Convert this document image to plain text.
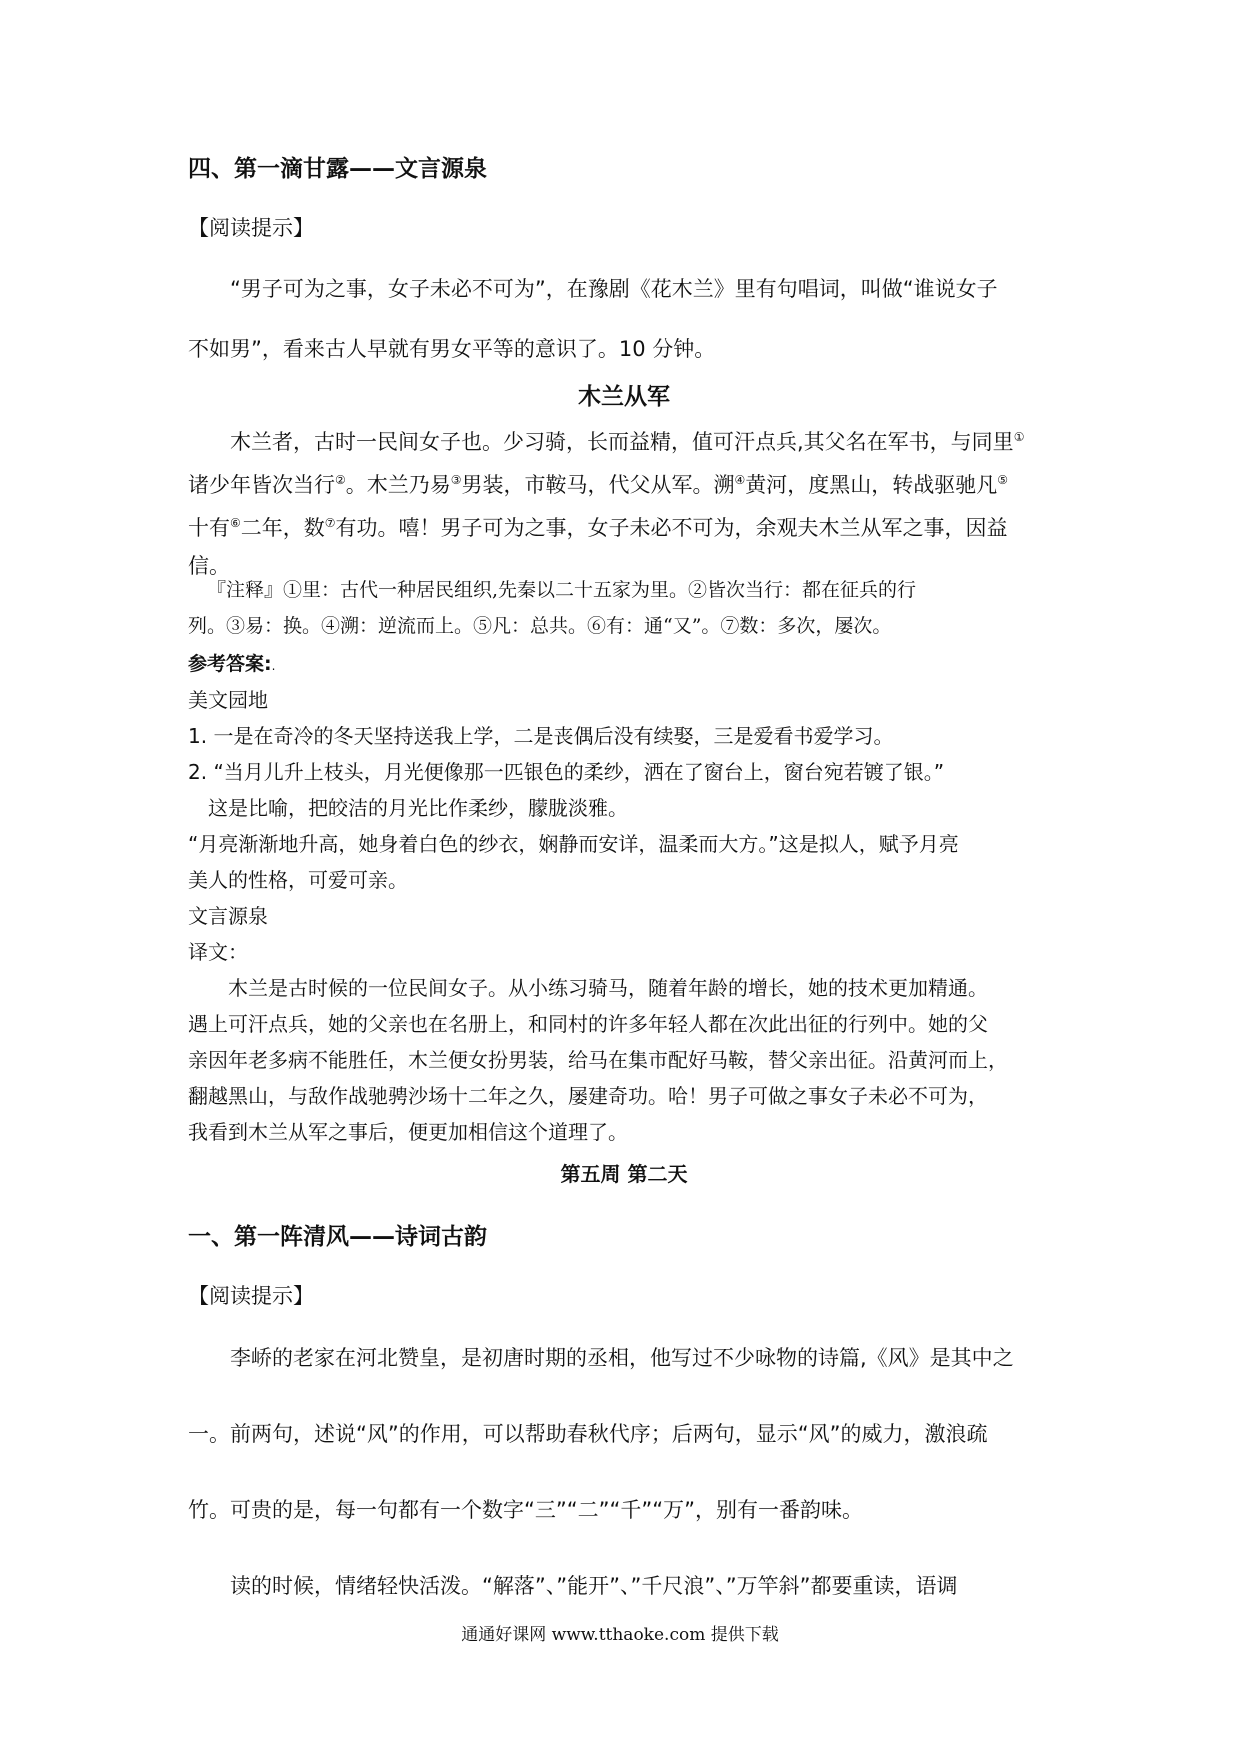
四、第一滴甘露——文言源泉
【阅读提示】
“男子可为之事，女子未必不可为”，在豫剧《花木兰》里有句唱词，叫做“谁说女子
不如男”，看来古人早就有男女平等的意识了。10 分钟。
木兰从军
木兰者，古时一民间女子也。少习骑，长而益精，值可汗点兵,其父名在军书，与同里①
诸少年皆次当行②。木兰乃易③男装，市鞍马，代父从军。溯④黄河，度黑山，转战驱驰凡⑤
十有⑥二年，数⑦有功。嘻！男子可为之事，女子未必不可为，余观夫木兰从军之事，因益
信。
『注释』①里：古代一种居民组织,先秦以二十五家为里。②皆次当行：都在征兵的行
列。③易：换。④溯：逆流而上。⑤凡：总共。⑥有：通“又”。⑦数：多次，屡次。
参考答案:.
美文园地
1. 一是在奇冷的冬天坚持送我上学，二是丧偶后没有续娶，三是爱看书爱学习。
2. “当月儿升上枝头，月光便像那一匹银色的柔纱，洒在了窗台上，窗台宛若镀了银。”
这是比喻，把皎洁的月光比作柔纱，朦胧淡雅。
“月亮渐渐地升高，她身着白色的纱衣，娴静而安详，温柔而大方。”这是拟人，赋予月亮
美人的性格，可爱可亲。
文言源泉
译文：
木兰是古时候的一位民间女子。从小练习骑马，随着年龄的增长，她的技术更加精通。
遇上可汗点兵，她的父亲也在名册上，和同村的许多年轻人都在次此出征的行列中。她的父
亲因年老多病不能胜任，木兰便女扮男装，给马在集市配好马鞍，替父亲出征。沿黄河而上，
翻越黑山，与敌作战驰骋沙场十二年之久，屡建奇功。哈！男子可做之事女子未必不可为，
我看到木兰从军之事后，便更加相信这个道理了。
第五周 第二天
一、第一阵清风——诗词古韵
【阅读提示】
李峤的老家在河北赞皇，是初唐时期的丞相，他写过不少咏物的诗篇,《风》是其中之
一。前两句，述说“风”的作用，可以帮助春秋代序；后两句，显示“风”的威力，激浪疏
竹。可贵的是，每一句都有一个数字“三”“二”“千”“万”，别有一番韵味。
读的时候，情绪轻快活泼。“解落”、”能开”、”千尺浪”、”万竿斜”都要重读，语调
通通好课网 www.tthaoke.com 提供下载
